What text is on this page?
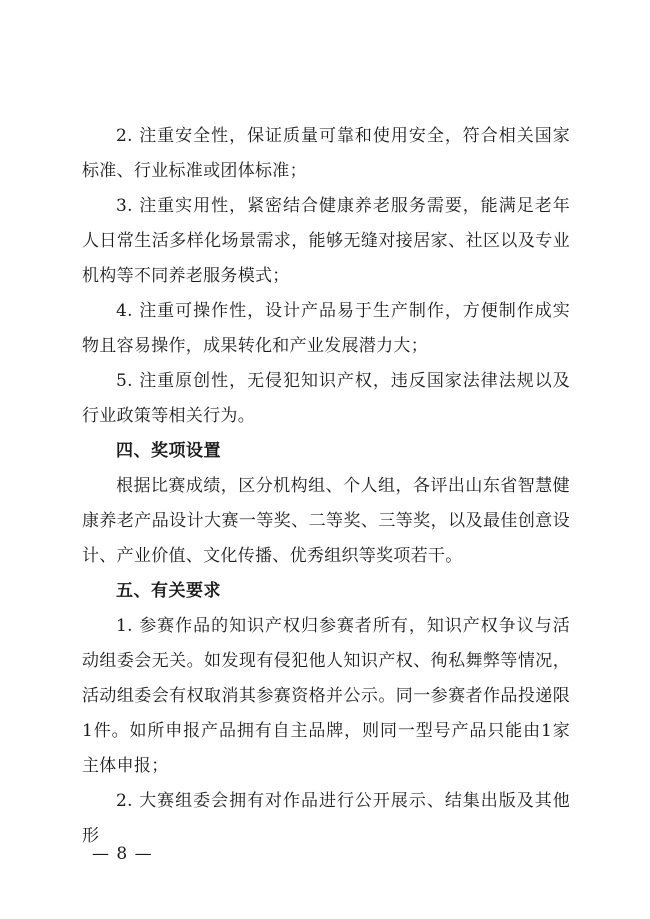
2. 注重安全性，保证质量可靠和使用安全，符合相关国家标准、行业标准或团体标准；

3. 注重实用性，紧密结合健康养老服务需要，能满足老年人日常生活多样化场景需求，能够无缝对接居家、社区以及专业机构等不同养老服务模式；

4. 注重可操作性，设计产品易于生产制作，方便制作成实物且容易操作，成果转化和产业发展潜力大；

5. 注重原创性，无侵犯知识产权，违反国家法律法规以及行业政策等相关行为。

四、奖项设置

根据比赛成绩，区分机构组、个人组，各评出山东省智慧健康养老产品设计大赛一等奖、二等奖、三等奖，以及最佳创意设计、产业价值、文化传播、优秀组织等奖项若干。

五、有关要求

1. 参赛作品的知识产权归参赛者所有，知识产权争议与活动组委会无关。如发现有侵犯他人知识产权、徇私舞弊等情况，活动组委会有权取消其参赛资格并公示。同一参赛者作品投递限1件。如所申报产品拥有自主品牌，则同一型号产品只能由1家主体申报；

2. 大赛组委会拥有对作品进行公开展示、结集出版及其他形

— 8 —
